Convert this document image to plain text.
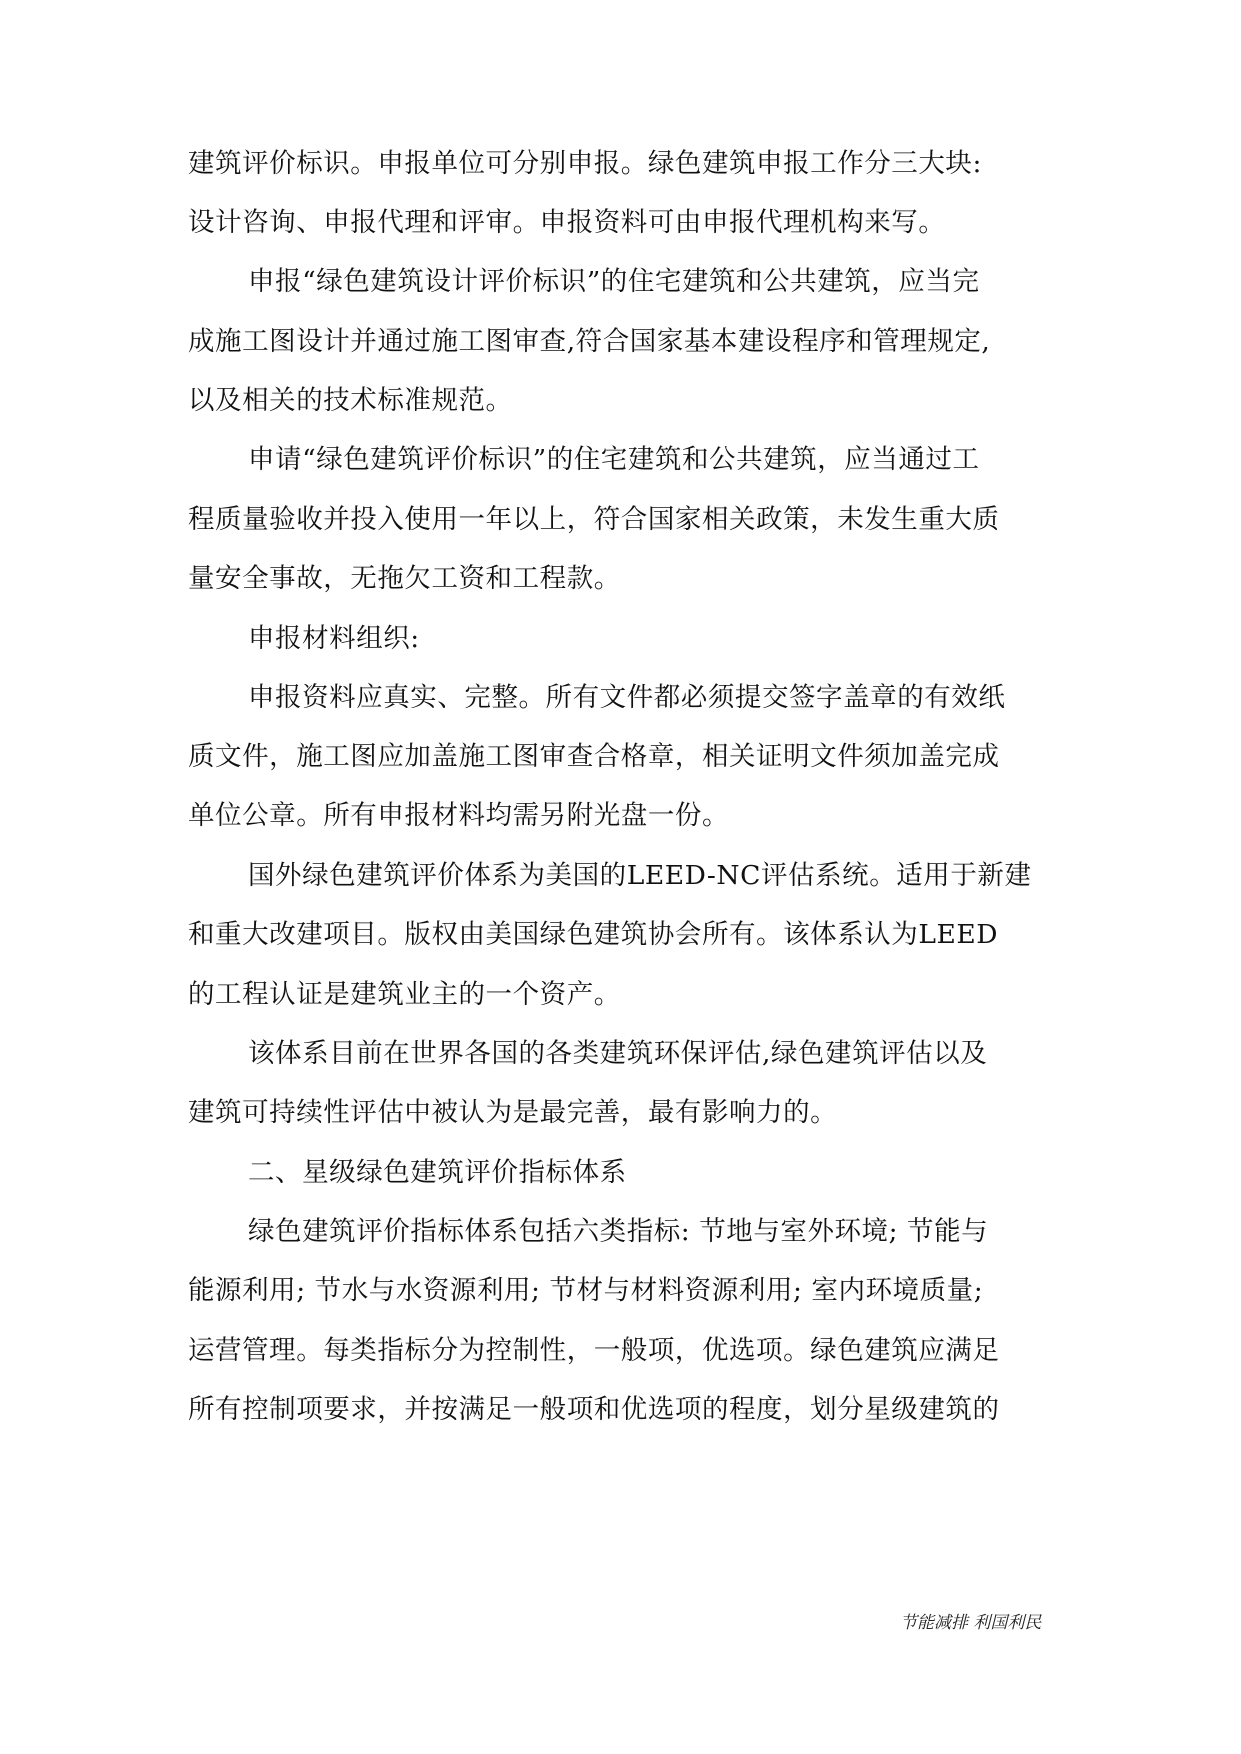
建筑评价标识。申报单位可分别申报。绿色建筑申报工作分三大块:
设计咨询、申报代理和评审。申报资料可由申报代理机构来写。
申报“绿色建筑设计评价标识”的住宅建筑和公共建筑，应当完
成施工图设计并通过施工图审查,符合国家基本建设程序和管理规定,
以及相关的技术标准规范。
申请“绿色建筑评价标识”的住宅建筑和公共建筑，应当通过工
程质量验收并投入使用一年以上，符合国家相关政策，未发生重大质
量安全事故，无拖欠工资和工程款。
申报材料组织:
申报资料应真实、完整。所有文件都必须提交签字盖章的有效纸
质文件，施工图应加盖施工图审查合格章，相关证明文件须加盖完成
单位公章。所有申报材料均需另附光盘一份。
国外绿色建筑评价体系为美国的LEED-NC评估系统。适用于新建
和重大改建项目。版权由美国绿色建筑协会所有。该体系认为LEED
的工程认证是建筑业主的一个资产。
该体系目前在世界各国的各类建筑环保评估,绿色建筑评估以及
建筑可持续性评估中被认为是最完善，最有影响力的。
二、星级绿色建筑评价指标体系
绿色建筑评价指标体系包括六类指标: 节地与室外环境; 节能与
能源利用; 节水与水资源利用; 节材与材料资源利用; 室内环境质量;
运营管理。每类指标分为控制性，一般项，优选项。绿色建筑应满足
所有控制项要求，并按满足一般项和优选项的程度，划分星级建筑的
节能减排 利国利民
